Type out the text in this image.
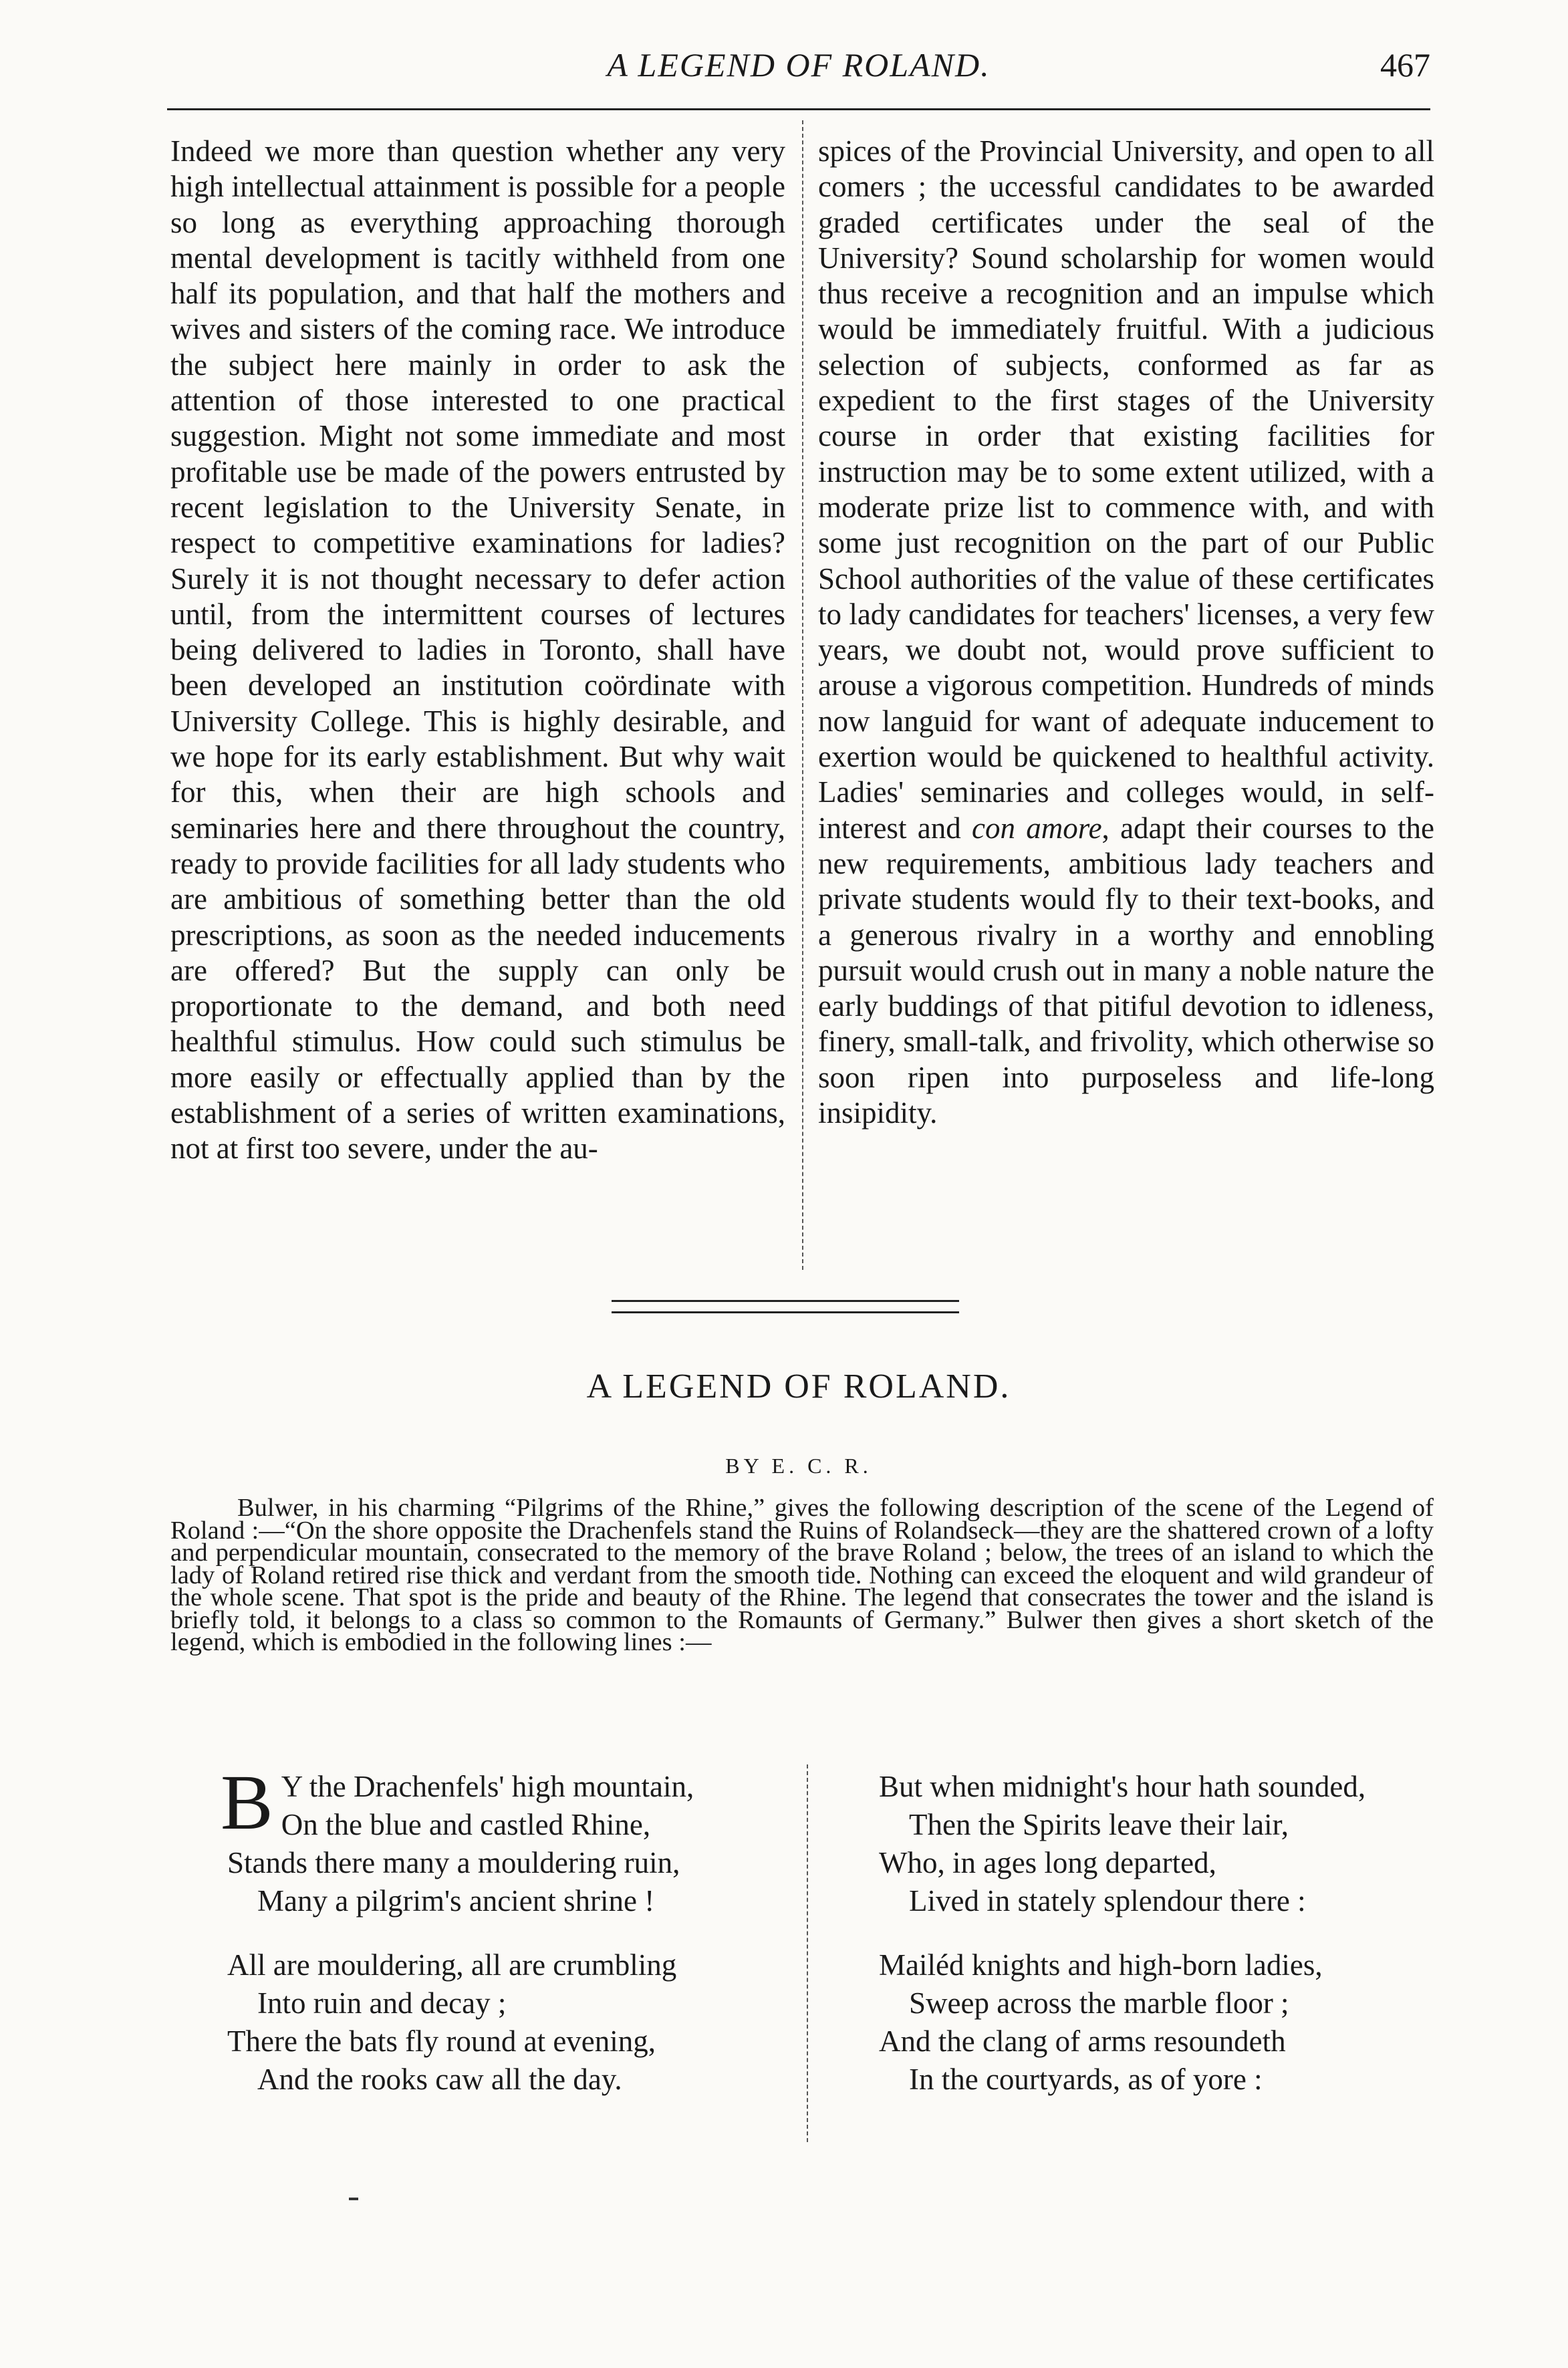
A LEGEND OF ROLAND.	467

Indeed we more than question whether any very high intellectual attainment is possible for a people so long as everything approaching thorough mental development is tacitly withheld from one half its population, and that half the mothers and wives and sisters of the coming race. We introduce the subject here mainly in order to ask the attention of those interested to one practical suggestion. Might not some immediate and most profitable use be made of the powers entrusted by recent legislation to the University Senate, in respect to competitive examinations for ladies? Surely it is not thought necessary to defer action until, from the intermittent courses of lectures being delivered to ladies in Toronto, shall have been developed an institution coördinate with University College. This is highly desirable, and we hope for its early establishment. But why wait for this, when their are high schools and seminaries here and there throughout the country, ready to provide facilities for all lady students who are ambitious of something better than the old prescriptions, as soon as the needed inducements are offered? But the supply can only be proportionate to the demand, and both need healthful stimulus. How could such stimulus be more easily or effectually applied than by the establishment of a series of written examinations, not at first too severe, under the au-

spices of the Provincial University, and open to all comers ; the uccessful candidates to be awarded graded certificates under the seal of the University? Sound scholarship for women would thus receive a recognition and an impulse which would be immediately fruitful. With a judicious selection of subjects, conformed as far as expedient to the first stages of the University course in order that existing facilities for instruction may be to some extent utilized, with a moderate prize list to commence with, and with some just recognition on the part of our Public School authorities of the value of these certificates to lady candidates for teachers' licenses, a very few years, we doubt not, would prove sufficient to arouse a vigorous competition. Hundreds of minds now languid for want of adequate inducement to exertion would be quickened to healthful activity. Ladies' seminaries and colleges would, in self-interest and con amore, adapt their courses to the new requirements, ambitious lady teachers and private students would fly to their text-books, and a generous rivalry in a worthy and ennobling pursuit would crush out in many a noble nature the early buddings of that pitiful devotion to idleness, finery, small-talk, and frivolity, which otherwise so soon ripen into purposeless and life-long insipidity.

A LEGEND OF ROLAND.
BY E. C. R.

Bulwer, in his charming “Pilgrims of the Rhine,” gives the following description of the scene of the Legend of Roland :—“On the shore opposite the Drachenfels stand the Ruins of Rolandseck—they are the shattered crown of a lofty and perpendicular mountain, consecrated to the memory of the brave Roland ; below, the trees of an island to which the lady of Roland retired rise thick and verdant from the smooth tide. Nothing can exceed the eloquent and wild grandeur of the whole scene. That spot is the pride and beauty of the Rhine. The legend that consecrates the tower and the island is briefly told, it belongs to a class so common to the Romaunts of Germany.” Bulwer then gives a short sketch of the legend, which is embodied in the following lines :—

B Y the Drachenfels' high mountain,
On the blue and castled Rhine,
Stands there many a mouldering ruin,
Many a pilgrim's ancient shrine !
All are mouldering, all are crumbling
Into ruin and decay ;
There the bats fly round at evening,
And the rooks caw all the day.
But when midnight's hour hath sounded,
Then the Spirits leave their lair,
Who, in ages long departed,
Lived in stately splendour there :
Mailéd knights and high-born ladies,
Sweep across the marble floor ;
And the clang of arms resoundeth
In the courtyards, as of yore :
